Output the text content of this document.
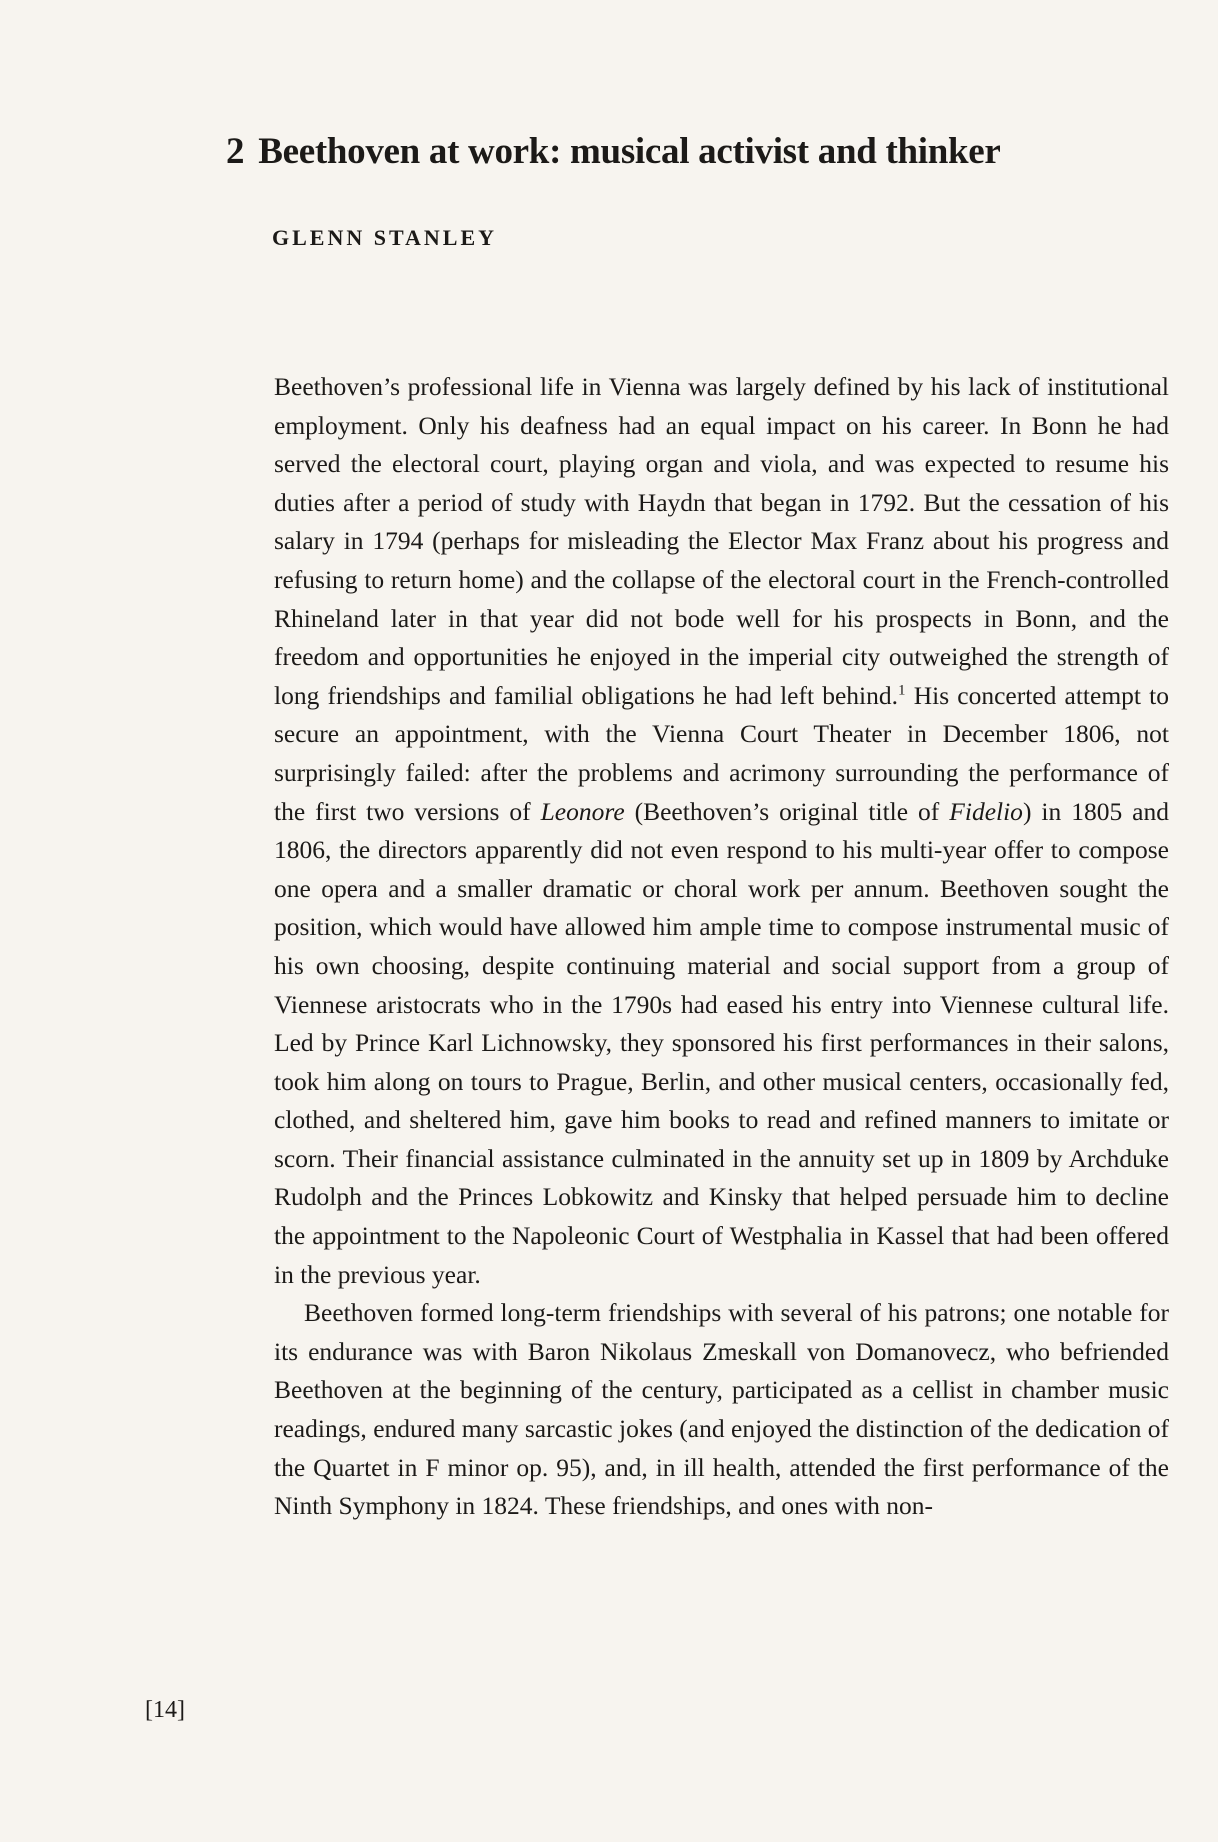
2 Beethoven at work: musical activist and thinker
GLENN STANLEY

Beethoven’s professional life in Vienna was largely defined by his lack of institutional employment. Only his deafness had an equal impact on his career. In Bonn he had served the electoral court, playing organ and viola, and was expected to resume his duties after a period of study with Haydn that began in 1792. But the cessation of his salary in 1794 (perhaps for misleading the Elector Max Franz about his progress and refusing to return home) and the collapse of the electoral court in the French-controlled Rhineland later in that year did not bode well for his prospects in Bonn, and the freedom and opportunities he enjoyed in the imperial city outweighed the strength of long friendships and familial obligations he had left behind.$^1$ His concerted attempt to secure an appointment, with the Vienna Court Theater in December 1806, not surprisingly failed: after the problems and acrimony surrounding the performance of the first two versions of Leonore (Beethoven’s original title of Fidelio) in 1805 and 1806, the directors apparently did not even respond to his multi-year offer to compose one opera and a smaller dramatic or choral work per annum. Beethoven sought the position, which would have allowed him ample time to compose instrumental music of his own choosing, despite continuing material and social support from a group of Viennese aristocrats who in the 1790s had eased his entry into Viennese cultural life. Led by Prince Karl Lichnowsky, they sponsored his first performances in their salons, took him along on tours to Prague, Berlin, and other musical centers, occasionally fed, clothed, and sheltered him, gave him books to read and refined manners to imitate or scorn. Their financial assistance culminated in the annuity set up in 1809 by Archduke Rudolph and the Princes Lobkowitz and Kinsky that helped persuade him to decline the appointment to the Napoleonic Court of Westphalia in Kassel that had been offered in the previous year.

Beethoven formed long-term friendships with several of his patrons; one notable for its endurance was with Baron Nikolaus Zmeskall von Domanovecz, who befriended Beethoven at the beginning of the century, participated as a cellist in chamber music readings, endured many sarcastic jokes (and enjoyed the distinction of the dedication of the Quartet in F minor op. 95), and, in ill health, attended the first performance of the Ninth Symphony in 1824. These friendships, and ones with non-

[14]
